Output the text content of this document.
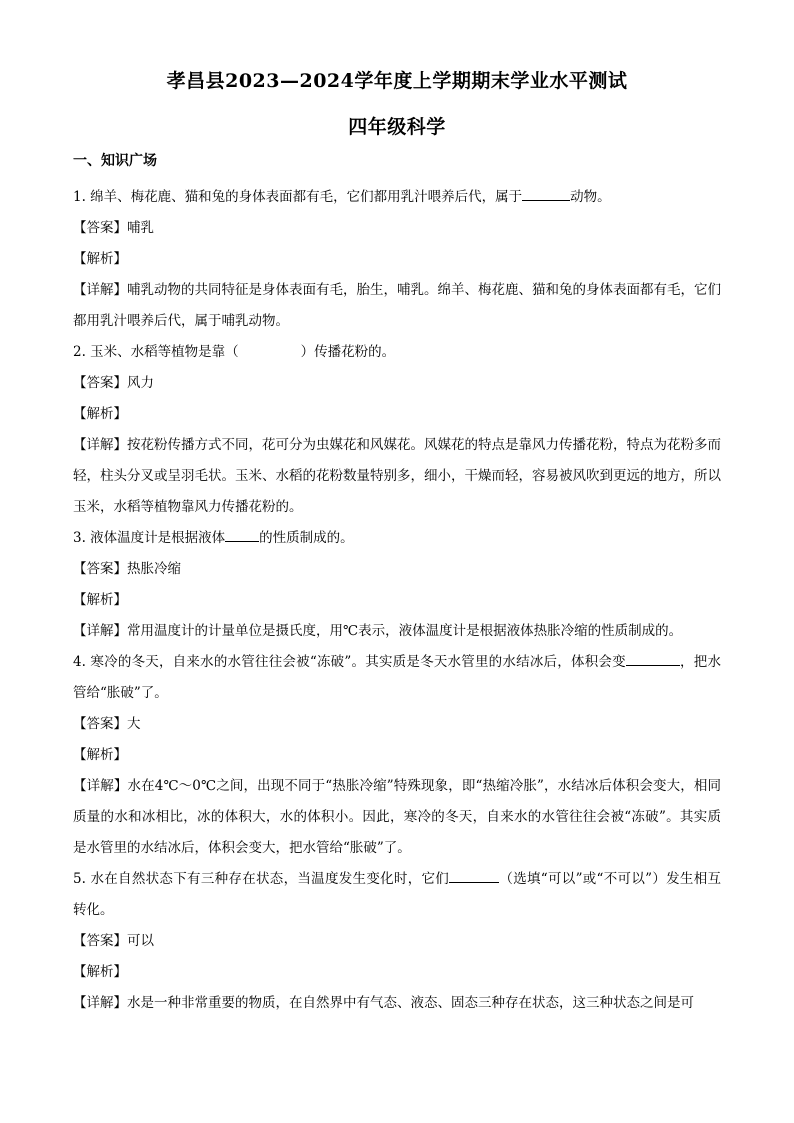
孝昌县2023—2024学年度上学期期末学业水平测试
四年级科学
一、知识广场
1. 绵羊、梅花鹿、猫和兔的身体表面都有毛，它们都用乳汁喂养后代，属于	动物。
【答案】哺乳
【解析】
【详解】哺乳动物的共同特征是身体表面有毛，胎生，哺乳。绵羊、梅花鹿、猫和兔的身体表面都有毛，它们都用乳汁喂养后代，属于哺乳动物。
2. 玉米、水稻等植物是靠（	）传播花粉的。
【答案】风力
【解析】
【详解】按花粉传播方式不同，花可分为虫媒花和风媒花。风媒花的特点是靠风力传播花粉，特点为花粉多而轻，柱头分叉或呈羽毛状。玉米、水稻的花粉数量特别多，细小，干燥而轻，容易被风吹到更远的地方，所以玉米，水稻等植物靠风力传播花粉的。
3. 液体温度计是根据液体	的性质制成的。
【答案】热胀冷缩
【解析】
【详解】常用温度计的计量单位是摄氏度，用℃表示，液体温度计是根据液体热胀冷缩的性质制成的。
4. 寒冷的冬天，自来水的水管往往会被“冻破”。其实质是冬天水管里的水结冰后，体积会变	，把水管给“胀破”了。
【答案】大
【解析】
【详解】水在4℃～0℃之间，出现不同于“热胀冷缩”特殊现象，即“热缩冷胀”，水结冰后体积会变大，相同质量的水和冰相比，冰的体积大，水的体积小。因此，寒冷的冬天，自来水的水管往往会被“冻破”。其实质是水管里的水结冰后，体积会变大，把水管给“胀破”了。
5. 水在自然状态下有三种存在状态，当温度发生变化时，它们	（选填“可以”或“不可以”）发生相互转化。
【答案】可以
【解析】
【详解】水是一种非常重要的物质，在自然界中有气态、液态、固态三种存在状态，这三种状态之间是可
